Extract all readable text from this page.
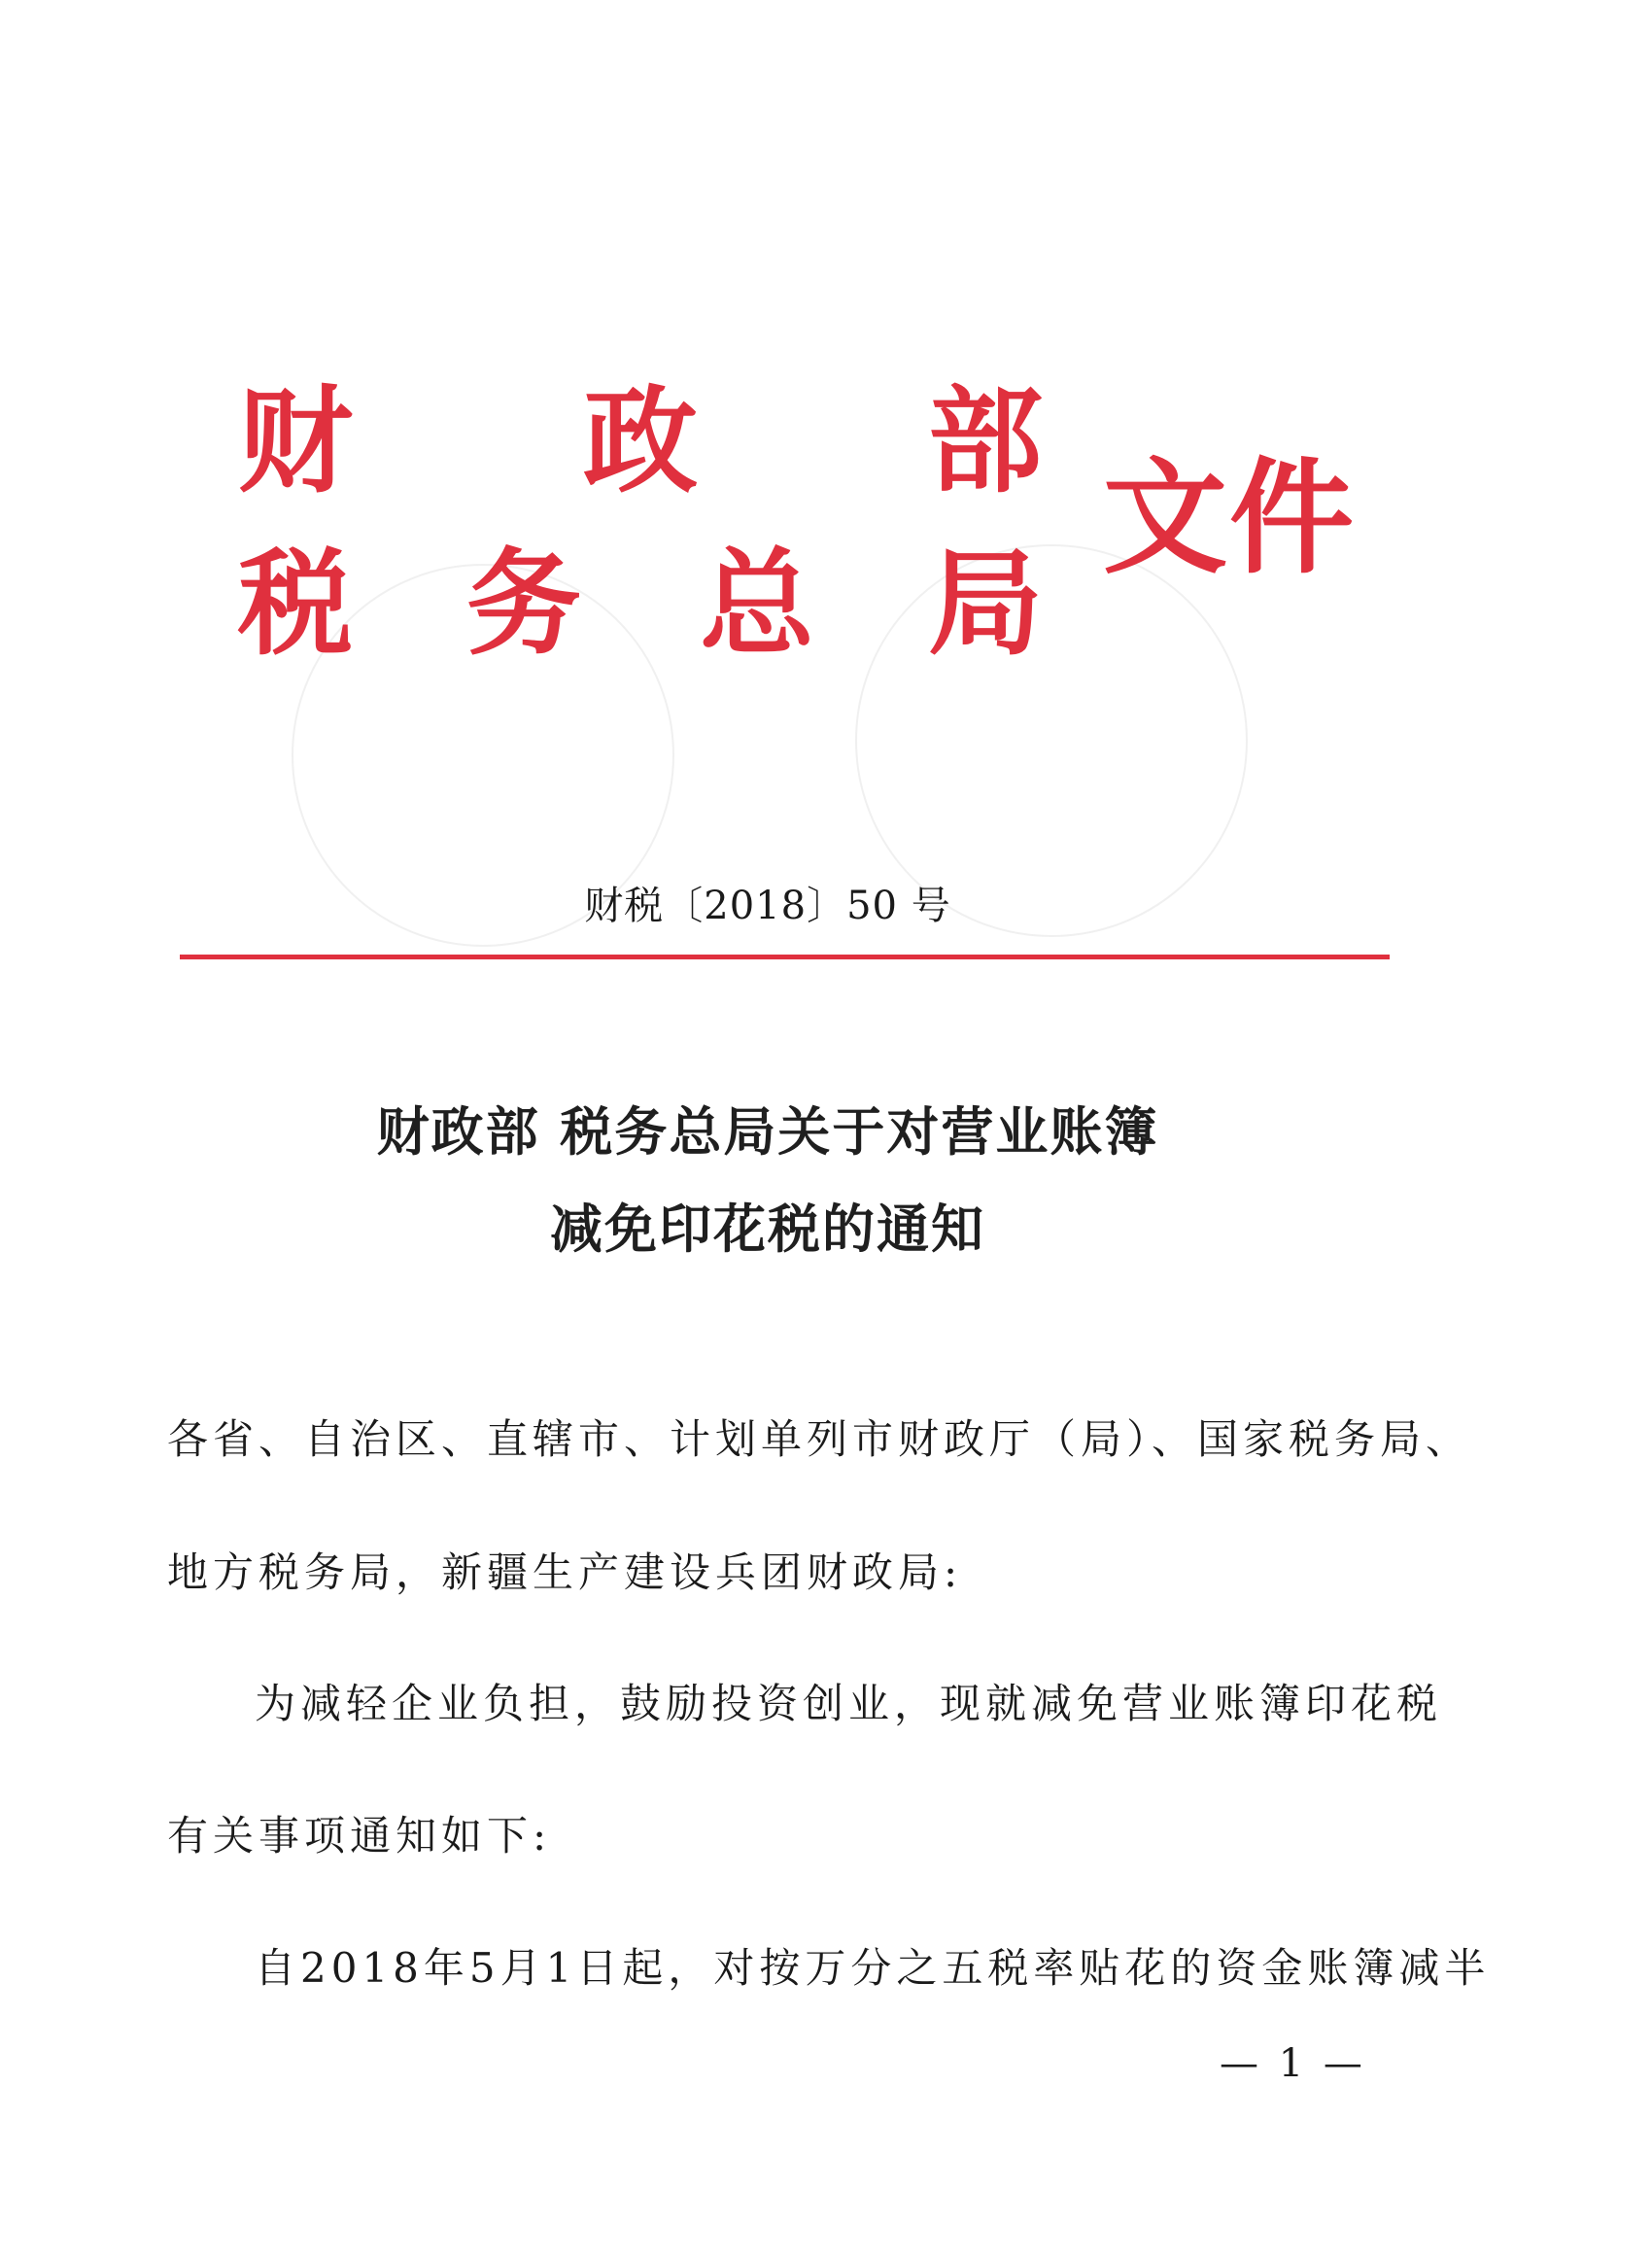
财 政 部
税 务 总 局
文件
财税〔2018〕50 号
财政部 税务总局关于对营业账簿
减免印花税的通知
各省、自治区、直辖市、计划单列市财政厅（局）、国家税务局、
地方税务局，新疆生产建设兵团财政局:
为减轻企业负担，鼓励投资创业，现就减免营业账簿印花税
有关事项通知如下:
自2018年5月1日起，对按万分之五税率贴花的资金账簿减半
— 1 —
